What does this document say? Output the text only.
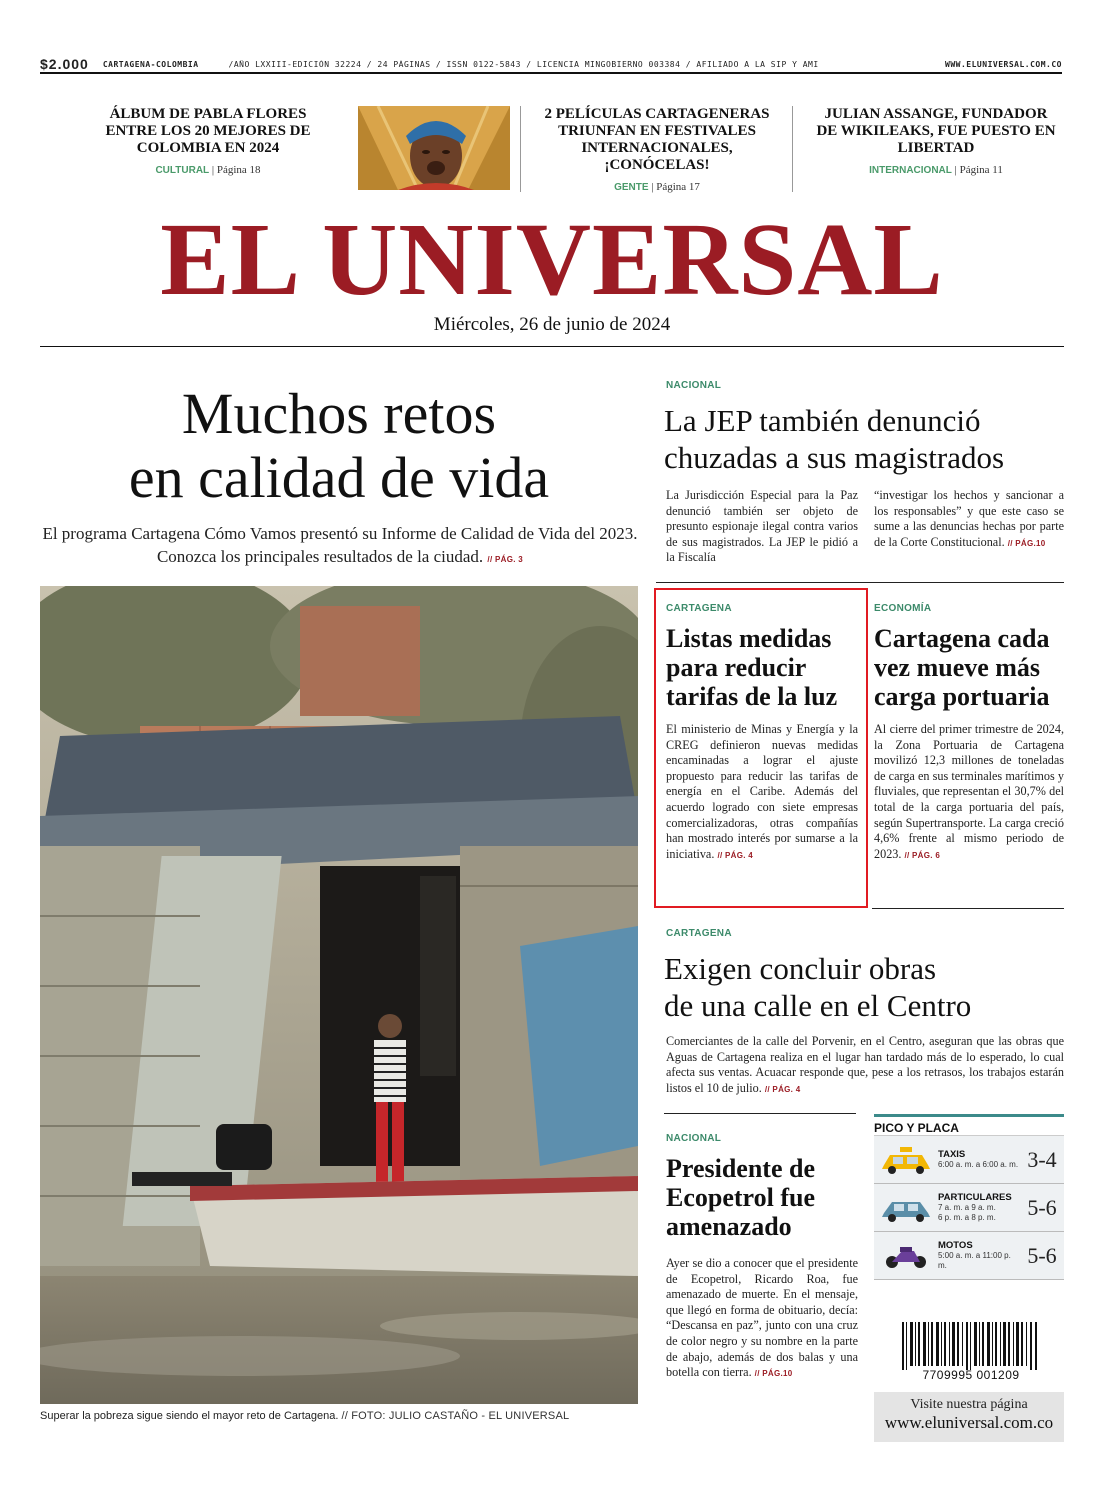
$2.000 CARTAGENA-COLOMBIA	/AÑO LXXIII-EDICIÓN 32224 / 24 PÁGINAS / ISSN 0122-5843 / LICENCIA MINGOBIERNO 003384 / AFILIADO A LA SIP Y AMI	WWW.ELUNIVERSAL.COM.CO
ÁLBUM DE PABLA FLORES ENTRE LOS 20 MEJORES DE COLOMBIA EN 2024
CULTURAL | Página 18
2 PELÍCULAS CARTAGENERAS TRIUNFAN EN FESTIVALES INTERNACIONALES, ¡CONÓCELAS!
GENTE | Página 17
JULIAN ASSANGE, FUNDADOR DE WIKILEAKS, FUE PUESTO EN LIBERTAD
INTERNACIONAL | Página 11
EL UNIVERSAL
Miércoles, 26 de junio de 2024
Muchos retos
en calidad de vida
El programa Cartagena Cómo Vamos presentó su Informe de Calidad de Vida del 2023. Conozca los principales resultados de la ciudad. // PÁG. 3
Superar la pobreza sigue siendo el mayor reto de Cartagena. // FOTO: JULIO CASTAÑO - EL UNIVERSAL
NACIONAL
La JEP también denunció
chuzadas a sus magistrados
La Jurisdicción Especial para la Paz denunció también ser objeto de presunto espionaje ilegal contra varios de sus magistrados. La JEP le pidió a la Fiscalía
“investigar los hechos y sancionar a los responsables” y que este caso se sume a las denuncias hechas por parte de la Corte Constitucional. // PÁG.10
CARTAGENA
Listas medidas para reducir tarifas de la luz
El ministerio de Minas y Energía y la CREG definieron nuevas medidas encaminadas a lograr el ajuste propuesto para reducir las tarifas de energía en el Caribe. Además del acuerdo logrado con siete empresas comercializadoras, otras compañías han mostrado interés por sumarse a la iniciativa. // PÁG. 4
ECONOMÍA
Cartagena cada vez mueve más carga portuaria
Al cierre del primer trimestre de 2024, la Zona Portuaria de Cartagena movilizó 12,3 millones de toneladas de carga en sus terminales marítimos y fluviales, que representan el 30,7% del total de la carga portuaria del país, según Supertransporte. La carga creció 4,6% frente al mismo periodo de 2023. // PÁG. 6
CARTAGENA
Exigen concluir obras
de una calle en el Centro
Comerciantes de la calle del Porvenir, en el Centro, aseguran que las obras que Aguas de Cartagena realiza en el lugar han tardado más de lo esperado, lo cual afecta sus ventas. Acuacar responde que, pese a los retrasos, los trabajos estarán listos el 10 de julio. // PÁG. 4
NACIONAL
Presidente de Ecopetrol fue amenazado
Ayer se dio a conocer que el presidente de Ecopetrol, Ricardo Roa, fue amenazado de muerte. En el mensaje, que llegó en forma de obituario, decía: “Descansa en paz”, junto con una cruz de color negro y su nombre en la parte de abajo, además de dos balas y una botella con tierra. // PÁG.10
PICO Y PLACA
TAXIS
6:00 a. m. a 6:00 a. m. 3-4
PARTICULARES
7 a. m. a 9 a. m.
6 p. m. a 8 p. m.	5-6
MOTOS
5:00 a. m. a 11:00 p. m.	5-6
7709995 001209
Visite nuestra página
www.eluniversal.com.co
